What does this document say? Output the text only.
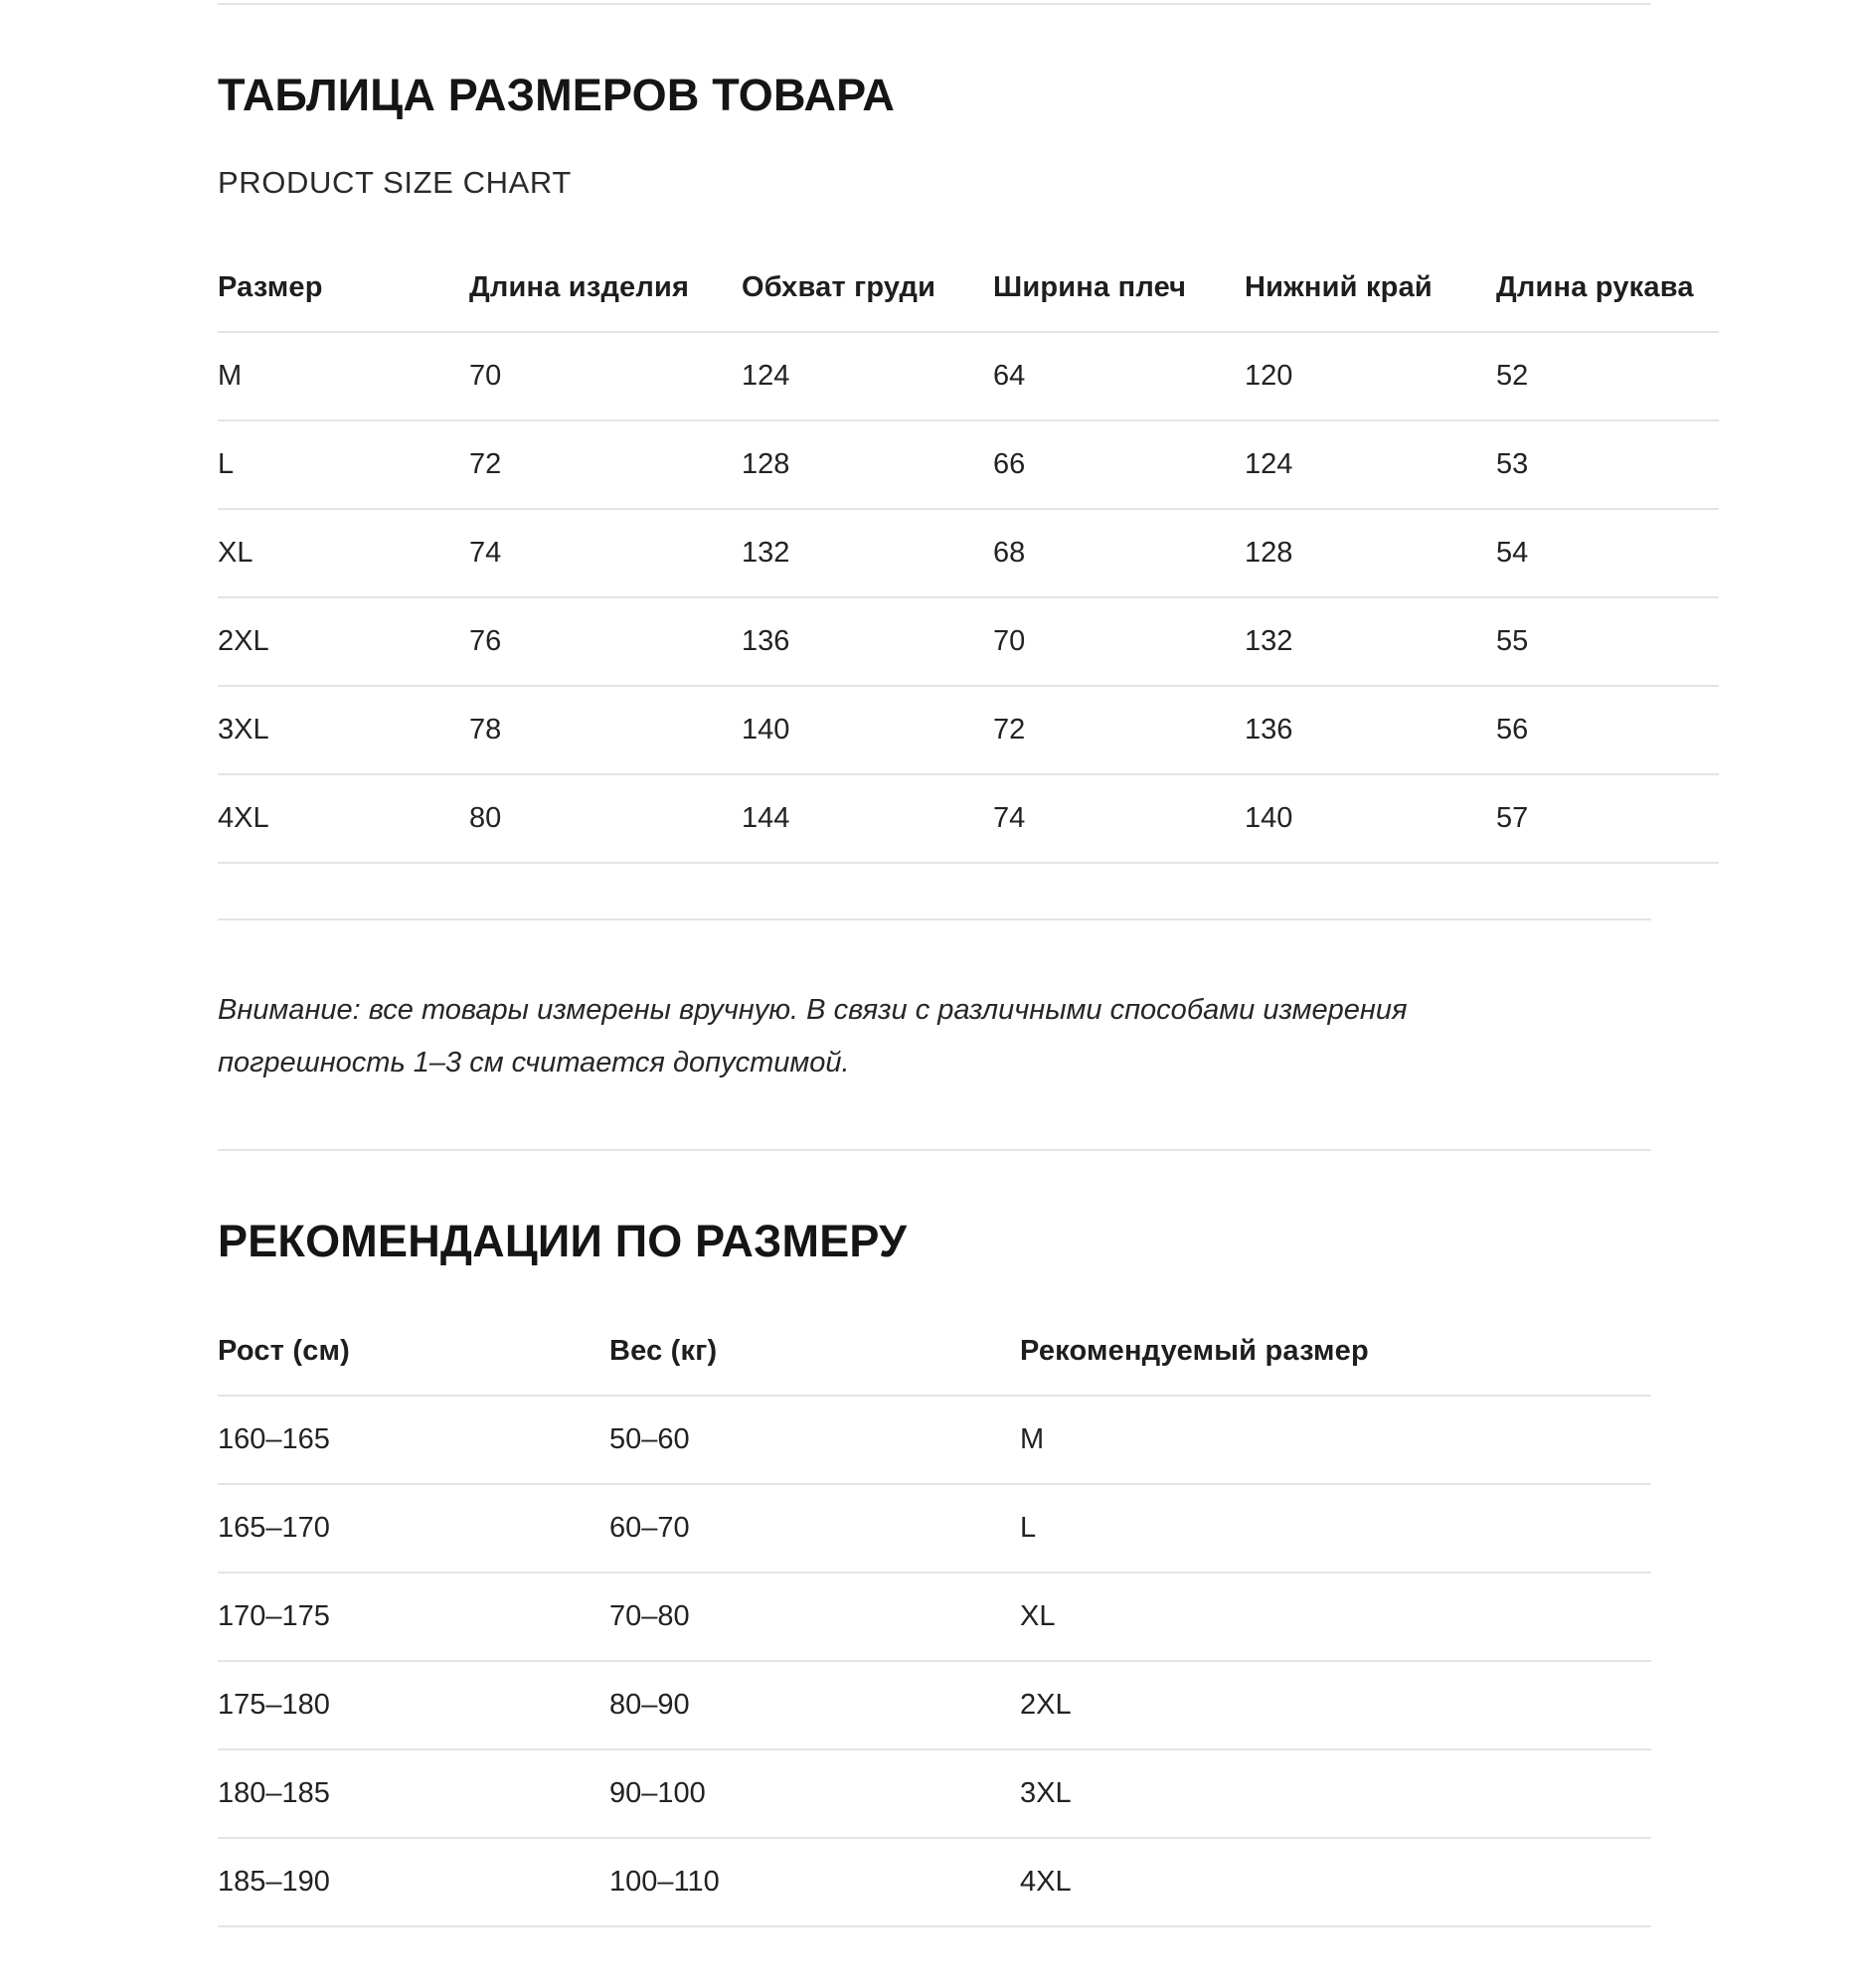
ТАБЛИЦА РАЗМЕРОВ ТОВАРА
PRODUCT SIZE CHART
Размер	Длина изделия	Обхват груди	Ширина плеч	Нижний край	Длина рукава
M	70	124	64	120	52
L	72	128	66	124	53
XL	74	132	68	128	54
2XL	76	136	70	132	55
3XL	78	140	72	136	56
4XL	80	144	74	140	57
Внимание: все товары измерены вручную. В связи с различными способами измерения
погрешность 1–3 см считается допустимой.
РЕКОМЕНДАЦИИ ПО РАЗМЕРУ
Рост (см)	Вес (кг)	Рекомендуемый размер
160–165	50–60	M
165–170	60–70	L
170–175	70–80	XL
175–180	80–90	2XL
180–185	90–100	3XL
185–190	100–110	4XL
